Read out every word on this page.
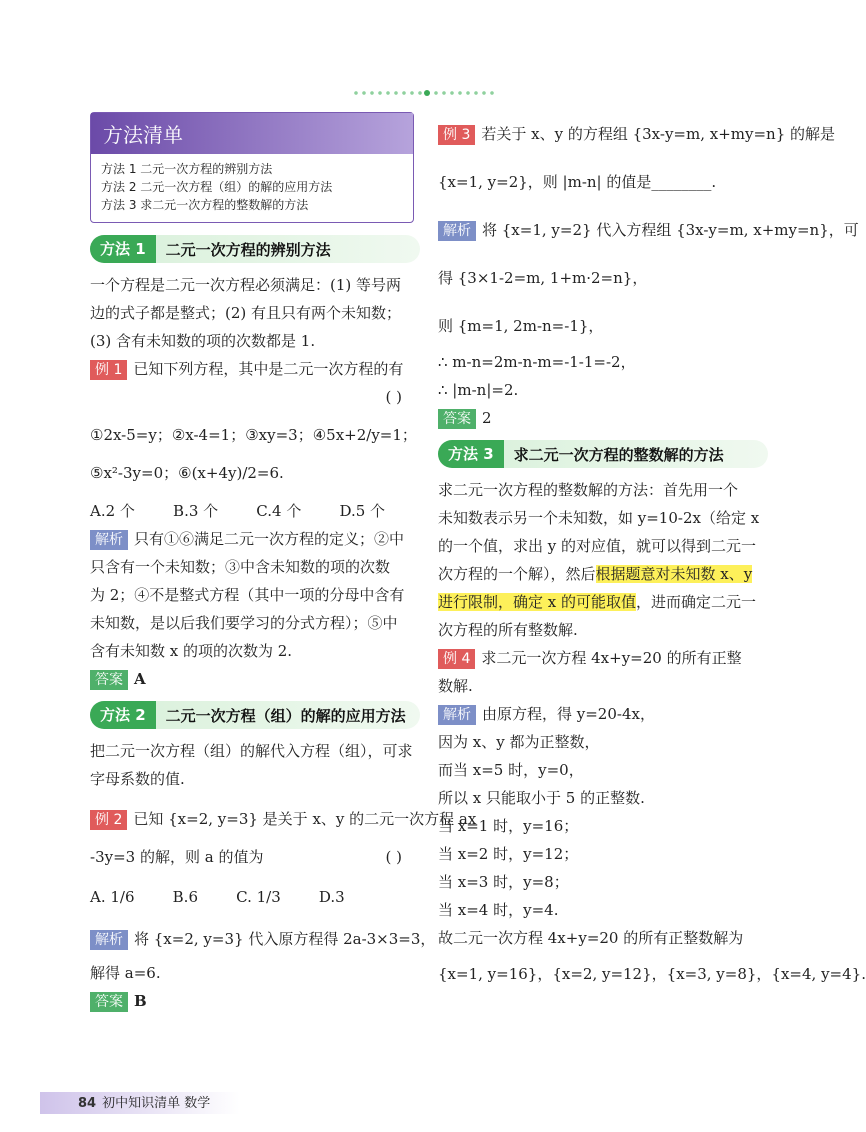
方法清单
方法 1 二元一次方程的辨别方法
方法 2 二元一次方程（组）的解的应用方法
方法 3 求二元一次方程的整数解的方法
方法 1	二元一次方程的辨别方法
一个方程是二元一次方程必须满足：(1) 等号两
边的式子都是整式；(2) 有且只有两个未知数；
(3) 含有未知数的项的次数都是 1.
例 1 已知下列方程，其中是二元一次方程的有
( )
①2x-5=y；②x-4=1；③xy=3；④5x+2/y=1；
⑤x²-3y=0；⑥(x+4y)/2=6.
A.2 个        B.3 个        C.4 个        D.5 个
解析 只有①⑥满足二元一次方程的定义；②中
只含有一个未知数；③中含未知数的项的次数
为 2；④不是整式方程（其中一项的分母中含有
未知数，是以后我们要学习的分式方程）；⑤中
含有未知数 x 的项的次数为 2.
答案 A
方法 2	二元一次方程（组）的解的应用方法
把二元一次方程（组）的解代入方程（组），可求
字母系数的值.
例 2 已知 {x=2, y=3} 是关于 x、y 的二元一次方程 ax
-3y=3 的解，则 a 的值为	( )
A. 1/6        B.6        C. 1/3        D.3
解析 将 {x=2, y=3} 代入原方程得 2a-3×3=3，
解得 a=6.
答案 B
例 3 若关于 x、y 的方程组 {3x-y=m, x+my=n} 的解是
{x=1, y=2}，则 |m-n| 的值是________.
解析 将 {x=1, y=2} 代入方程组 {3x-y=m, x+my=n}，可
得 {3×1-2=m, 1+m·2=n}，
则 {m=1, 2m-n=-1}，
∴ m-n=2m-n-m=-1-1=-2，
∴ |m-n|=2.
答案 2
方法 3	求二元一次方程的整数解的方法
求二元一次方程的整数解的方法：首先用一个
未知数表示另一个未知数，如 y=10-2x（给定 x
的一个值，求出 y 的对应值，就可以得到二元一
次方程的一个解），然后根据题意对未知数 x、y
进行限制，确定 x 的可能取值，进而确定二元一
次方程的所有整数解.
例 4 求二元一次方程 4x+y=20 的所有正整
数解.
解析 由原方程，得 y=20-4x，
因为 x、y 都为正整数，
而当 x=5 时，y=0，
所以 x 只能取小于 5 的正整数.
当 x=1 时，y=16；
当 x=2 时，y=12；
当 x=3 时，y=8；
当 x=4 时，y=4.
故二元一次方程 4x+y=20 的所有正整数解为
{x=1, y=16}，{x=2, y=12}，{x=3, y=8}，{x=4, y=4}.
84 初中知识清单 数学
